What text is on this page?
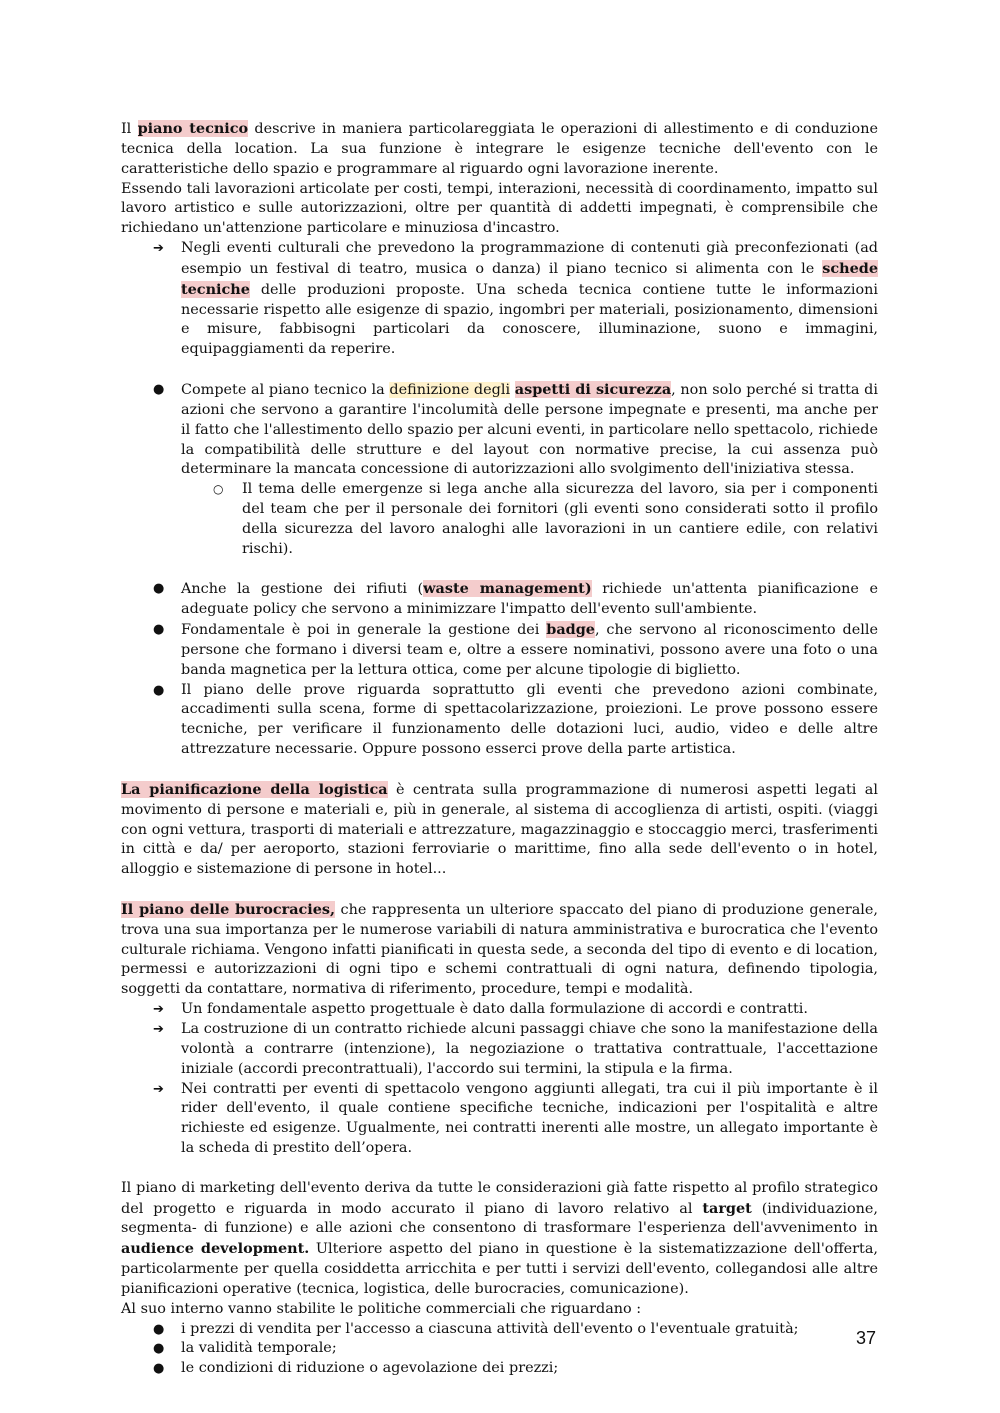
Il piano tecnico descrive in maniera particolareggiata le operazioni di allestimento e di conduzione tecnica della location. La sua funzione è integrare le esigenze tecniche dell'evento con le caratteristiche dello spazio e programmare al riguardo ogni lavorazione inerente.

Essendo tali lavorazioni articolate per costi, tempi, interazioni, necessità di coordinamento, impatto sul lavoro artistico e sulle autorizzazioni, oltre per quantità di addetti impegnati, è comprensibile che richiedano un'attenzione particolare e minuziosa d'incastro.

➔ Negli eventi culturali che prevedono la programmazione di contenuti già preconfezionati (ad esempio un festival di teatro, musica o danza) il piano tecnico si alimenta con le schede tecniche delle produzioni proposte. Una scheda tecnica contiene tutte le informazioni necessarie rispetto alle esigenze di spazio, ingombri per materiali, posizionamento, dimensioni e misure, fabbisogni particolari da conoscere, illuminazione, suono e immagini, equipaggiamenti da reperire.
● Compete al piano tecnico la definizione degli aspetti di sicurezza, non solo perché si tratta di azioni che servono a garantire l'incolumità delle persone impegnate e presenti, ma anche per il fatto che l'allestimento dello spazio per alcuni eventi, in particolare nello spettacolo, richiede la compatibilità delle strutture e del layout con normative precise, la cui assenza può determinare la mancata concessione di autorizzazioni allo svolgimento dell'iniziativa stessa.
○ Il tema delle emergenze si lega anche alla sicurezza del lavoro, sia per i componenti del team che per il personale dei fornitori (gli eventi sono considerati sotto il profilo della sicurezza del lavoro analoghi alle lavorazioni in un cantiere edile, con relativi rischi).
● Anche la gestione dei rifiuti (waste management) richiede un'attenta pianificazione e adeguate policy che servono a minimizzare l'impatto dell'evento sull'ambiente.
● Fondamentale è poi in generale la gestione dei badge, che servono al riconoscimento delle persone che formano i diversi team e, oltre a essere nominativi, possono avere una foto o una banda magnetica per la lettura ottica, come per alcune tipologie di biglietto.
● Il piano delle prove riguarda soprattutto gli eventi che prevedono azioni combinate, accadimenti sulla scena, forme di spettacolarizzazione, proiezioni. Le prove possono essere tecniche, per verificare il funzionamento delle dotazioni luci, audio, video e delle altre attrezzature necessarie. Oppure possono esserci prove della parte artistica.

La pianificazione della logistica è centrata sulla programmazione di numerosi aspetti legati al movimento di persone e materiali e, più in generale, al sistema di accoglienza di artisti, ospiti. (viaggi con ogni vettura, trasporti di materiali e attrezzature, magazzinaggio e stoccaggio merci, trasferimenti in città e da/ per aeroporto, stazioni ferroviarie o marittime, fino alla sede dell'evento o in hotel, alloggio e sistemazione di persone in hotel...

Il piano delle burocracies, che rappresenta un ulteriore spaccato del piano di produzione generale, trova una sua importanza per le numerose variabili di natura amministrativa e burocratica che l'evento culturale richiama. Vengono infatti pianificati in questa sede, a seconda del tipo di evento e di location, permessi e autorizzazioni di ogni tipo e schemi contrattuali di ogni natura, definendo tipologia, soggetti da contattare, normativa di riferimento, procedure, tempi e modalità.

➔ Un fondamentale aspetto progettuale è dato dalla formulazione di accordi e contratti.
➔ La costruzione di un contratto richiede alcuni passaggi chiave che sono la manifestazione della volontà a contrarre (intenzione), la negoziazione o trattativa contrattuale, l'accettazione iniziale (accordi precontrattuali), l'accordo sui termini, la stipula e la firma.
➔ Nei contratti per eventi di spettacolo vengono aggiunti allegati, tra cui il più importante è il rider dell'evento, il quale contiene specifiche tecniche, indicazioni per l'ospitalità e altre richieste ed esigenze. Ugualmente, nei contratti inerenti alle mostre, un allegato importante è la scheda di prestito dell’opera.

Il piano di marketing dell'evento deriva da tutte le considerazioni già fatte rispetto al profilo strategico del progetto e riguarda in modo accurato il piano di lavoro relativo al target (individuazione, segmenta- di funzione) e alle azioni che consentono di trasformare l'esperienza dell'avvenimento in audience development. Ulteriore aspetto del piano in questione è la sistematizzazione dell'offerta, particolarmente per quella cosiddetta arricchita e per tutti i servizi dell'evento, collegandosi alle altre pianificazioni operative (tecnica, logistica, delle burocracies, comunicazione).

Al suo interno vanno stabilite le politiche commerciali che riguardano :

● i prezzi di vendita per l'accesso a ciascuna attività dell'evento o l'eventuale gratuità;
● la validità temporale;
● le condizioni di riduzione o agevolazione dei prezzi;
37
